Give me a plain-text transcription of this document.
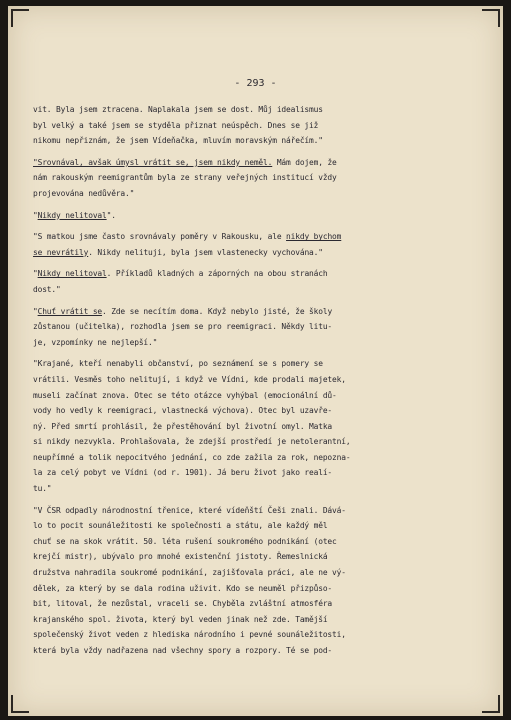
- 293 -
vit. Byla jsem ztracena. Naplakala jsem se dost. Můj idealismus
byl velký a také jsem se styděla přiznat neúspěch. Dnes se již
nikomu nepřiznám, že jsem Vídeňačka, mluvím moravským nářečím."
"Srovnával, avšak úmysl vrátit se, jsem nikdy neměl. Mám dojem, že
nám rakouským reemigrantům byla ze strany veřejných institucí vždy
projevována nedůvěra."
"Nikdy nelitoval".
"S matkou jsme často srovnávaly poměry v Rakousku, ale nikdy bychom
se nevrátily. Nikdy nelituji, byla jsem vlastenecky vychována."
"Nikdy nelitoval. Příkladů kladných a záporných na obou stranách
dost."
"Chuť vrátit se. Zde se necítím doma. Když nebylo jisté, že školy
zůstanou (učitelka), rozhodla jsem se pro reemigraci. Někdy litu-
je, vzpomínky ne nejlepší."
"Krajané, kteří nenabyli občanství, po seznámení se s pomery se
vrátili. Vesměs toho nelitují, i když ve Vídni, kde prodali majetek,
museli začínat znova. Otec se této otázce vyhýbal (emocionální dů-
vody ho vedly k reemigraci, vlastnecká výchova). Otec byl uzavře-
ný. Před smrtí prohlásil, že přestěhování byl životní omyl. Matka
si nikdy nezvykla. Prohlašovala, že zdejší prostředí je netolerantní,
neupřímné a tolik nepocitvého jednání, co zde zažila za rok, nepozna-
la za celý pobyt ve Vídni (od r. 1901). Já beru život jako realí-
tu."
"V ČSR odpadly národnostní třenice, které vídeňští Češi znali. Dává-
lo to pocit sounáležitosti ke společnosti a státu, ale každý měl
chuť se na skok vrátit. 50. léta rušení soukromého podnikání (otec
krejčí mistr), ubývalo pro mnohé existenční jistoty. Řemeslnická
družstva nahradila soukromé podnikání, zajišťovala práci, ale ne vý-
dělek, za který by se dala rodina uživit. Kdo se neuměl přizpůso-
bit, litoval, že nezůstal, vraceli se. Chyběla zvláštní atmosféra
krajanského spol. života, který byl veden jinak než zde. Tamější
společenský život veden z hlediska národního i pevné sounáležitosti,
která byla vždy nadřazena nad všechny spory a rozpory. Té se pod-
